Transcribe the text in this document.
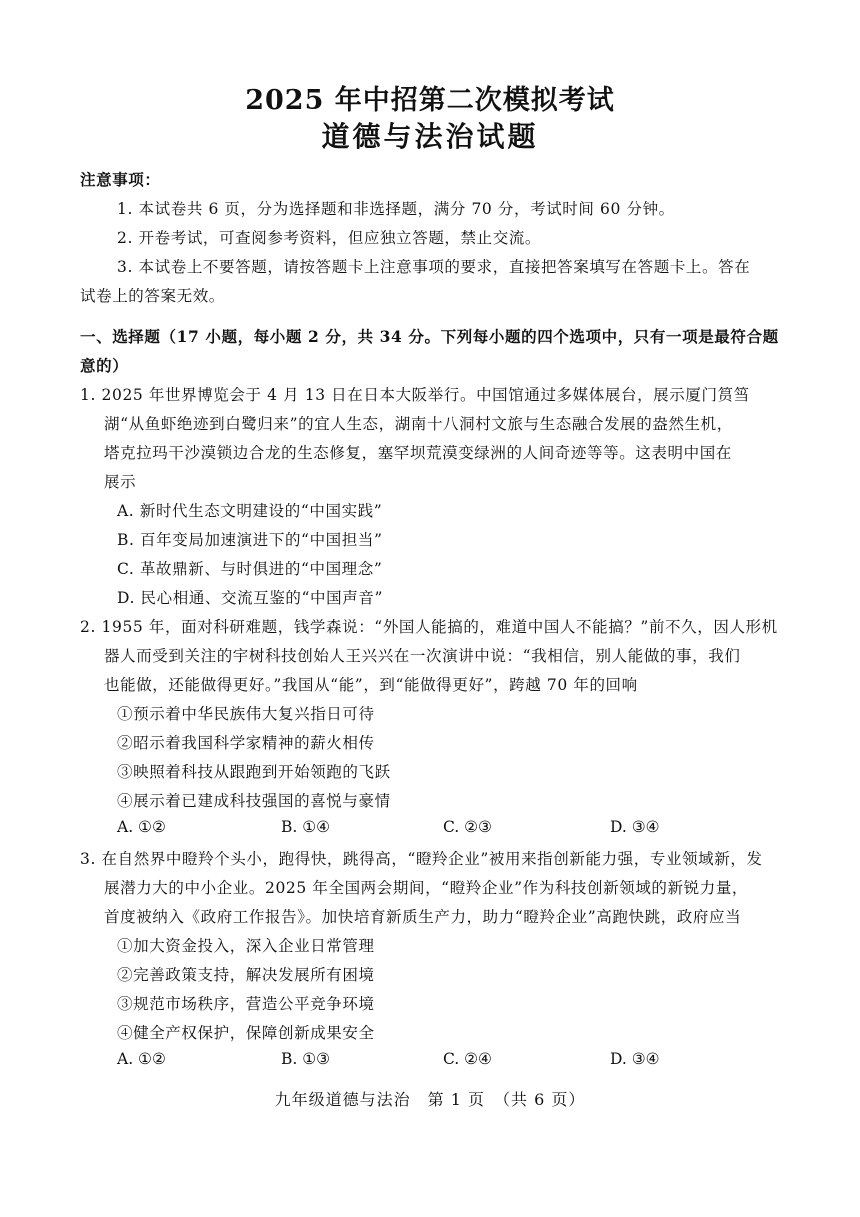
2025 年中招第二次模拟考试
道德与法治试题
注意事项：
1. 本试卷共 6 页，分为选择题和非选择题，满分 70 分，考试时间 60 分钟。
2. 开卷考试，可查阅参考资料，但应独立答题，禁止交流。
3. 本试卷上不要答题，请按答题卡上注意事项的要求，直接把答案填写在答题卡上。答在
试卷上的答案无效。
一、选择题（17 小题，每小题 2 分，共 34 分。下列每小题的四个选项中，只有一项是最符合题
意的）
1. 2025 年世界博览会于 4 月 13 日在日本大阪举行。中国馆通过多媒体展台，展示厦门筼筜
湖“从鱼虾绝迹到白鹭归来”的宜人生态，湖南十八洞村文旅与生态融合发展的盎然生机，
塔克拉玛干沙漠锁边合龙的生态修复，塞罕坝荒漠变绿洲的人间奇迹等等。这表明中国在
展示
A. 新时代生态文明建设的“中国实践”
B. 百年变局加速演进下的“中国担当”
C. 革故鼎新、与时俱进的“中国理念”
D. 民心相通、交流互鉴的“中国声音”
2. 1955 年，面对科研难题，钱学森说：“外国人能搞的，难道中国人不能搞？”前不久，因人形机
器人而受到关注的宇树科技创始人王兴兴在一次演讲中说：“我相信，别人能做的事，我们
也能做，还能做得更好。”我国从“能”，到“能做得更好”，跨越 70 年的回响
①预示着中华民族伟大复兴指日可待
②昭示着我国科学家精神的薪火相传
③映照着科技从跟跑到开始领跑的飞跃
④展示着已建成科技强国的喜悦与豪情
A. ①②	B. ①④	C. ②③	D. ③④
3. 在自然界中瞪羚个头小，跑得快，跳得高，“瞪羚企业”被用来指创新能力强，专业领域新，发
展潜力大的中小企业。2025 年全国两会期间，“瞪羚企业”作为科技创新领域的新锐力量，
首度被纳入《政府工作报告》。加快培育新质生产力，助力“瞪羚企业”高跑快跳，政府应当
①加大资金投入，深入企业日常管理
②完善政策支持，解决发展所有困境
③规范市场秩序，营造公平竞争环境
④健全产权保护，保障创新成果安全
A. ①②	B. ①③	C. ②④	D. ③④
九年级道德与法治　第 1 页　（共 6 页）
